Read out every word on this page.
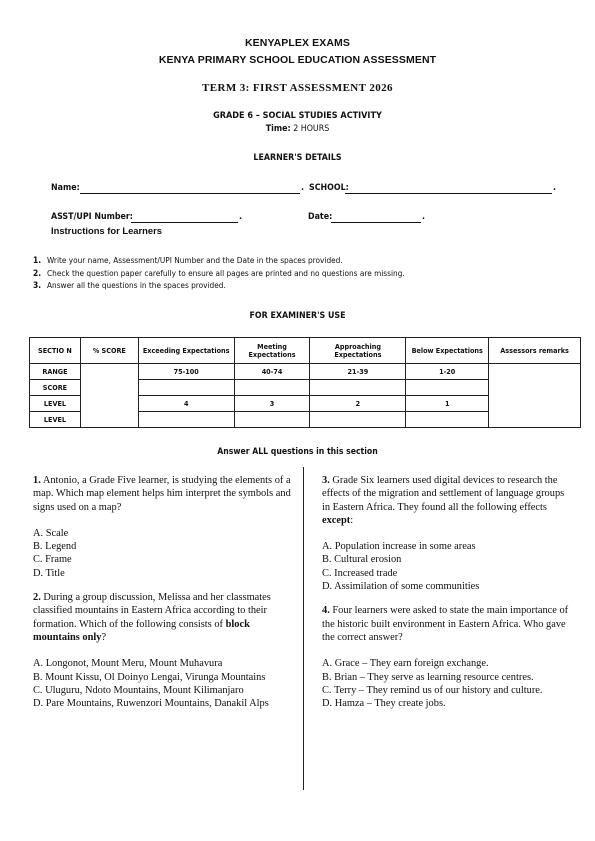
KENYAPLEX EXAMS
KENYA PRIMARY SCHOOL EDUCATION ASSESSMENT
TERM 3: FIRST ASSESSMENT 2026
GRADE 6 – SOCIAL STUDIES ACTIVITY
Time: 2 HOURS
LEARNER'S DETAILS
Name:	. SCHOOL:	.
ASST/UPI Number:	.	Date:	.
Instructions for Learners
1. Write your name, Assessment/UPI Number and the Date in the spaces provided.
2. Check the question paper carefully to ensure all pages are printed and no questions are missing.
3. Answer all the questions in the spaces provided.
FOR EXAMINER'S USE
SECTIO N	% SCORE	Exceeding Expectations	Meeting Expectations	Approaching Expectations	Below Expectations	Assessors remarks
RANGE		75-100	40-74	21-39	1-20	
SCORE						
LEVEL		4	3	2	1	
LEVEL						
Answer ALL questions in this section

1. Antonio, a Grade Five learner, is studying the elements of a map. Which map element helps him interpret the symbols and signs used on a map?

A. Scale

B. Legend

C. Frame

D. Title

2. During a group discussion, Melissa and her classmates classified mountains in Eastern Africa according to their formation. Which of the following consists of block mountains only?

A. Longonot, Mount Meru, Mount Muhavura

B. Mount Kissu, Ol Doinyo Lengai, Virunga Mountains

C. Uluguru, Ndoto Mountains, Mount Kilimanjaro

D. Pare Mountains, Ruwenzori Mountains, Danakil Alps

3. Grade Six learners used digital devices to research the effects of the migration and settlement of language groups in Eastern Africa. They found all the following effects except:

A. Population increase in some areas

B. Cultural erosion

C. Increased trade

D. Assimilation of some communities

4. Four learners were asked to state the main importance of the historic built environment in Eastern Africa. Who gave the correct answer?

A. Grace – They earn foreign exchange.

B. Brian – They serve as learning resource centres.

C. Terry – They remind us of our history and culture.

D. Hamza – They create jobs.
